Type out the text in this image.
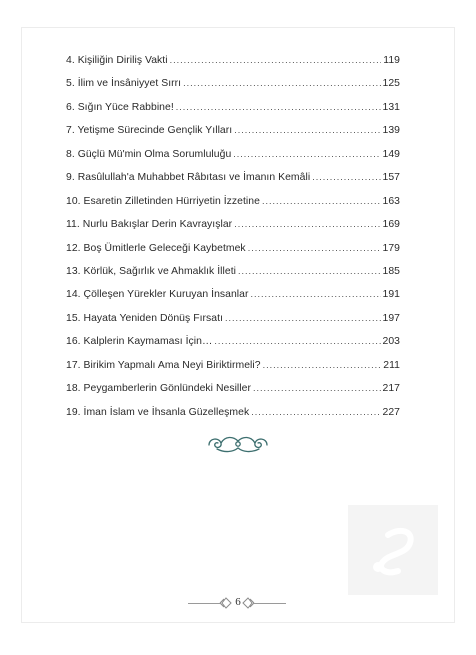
4. Kişiliğin Diriliş Vakti .....	119
5. İlim ve İnsâniyyet Sırrı .....	125
6. Sığın Yüce Rabbine! .....	131
7. Yetişme Sürecinde Gençlik Yılları .....	139
8. Güçlü Mü'min Olma Sorumluluğu .....	149
9. Rasûlullah'a Muhabbet Râbıtası ve İmanın Kemâli .....	157
10. Esaretin Zilletinden Hürriyetin İzzetine .....	163
11. Nurlu Bakışlar Derin Kavrayışlar .....	169
12. Boş Ümitlerle Geleceği Kaybetmek .....	179
13. Körlük, Sağırlık ve Ahmaklık İlleti .....	185
14. Çölleşen Yürekler Kuruyan İnsanlar .....	191
15. Hayata Yeniden Dönüş Fırsatı .....	197
16. Kalplerin Kaymaması İçin… .....	203
17. Birikim Yapmalı Ama Neyi Biriktirmeli? .....	211
18. Peygamberlerin Gönlündeki Nesiller .....	217
19. İman İslam ve İhsanla Güzelleşmek .....	227
6
